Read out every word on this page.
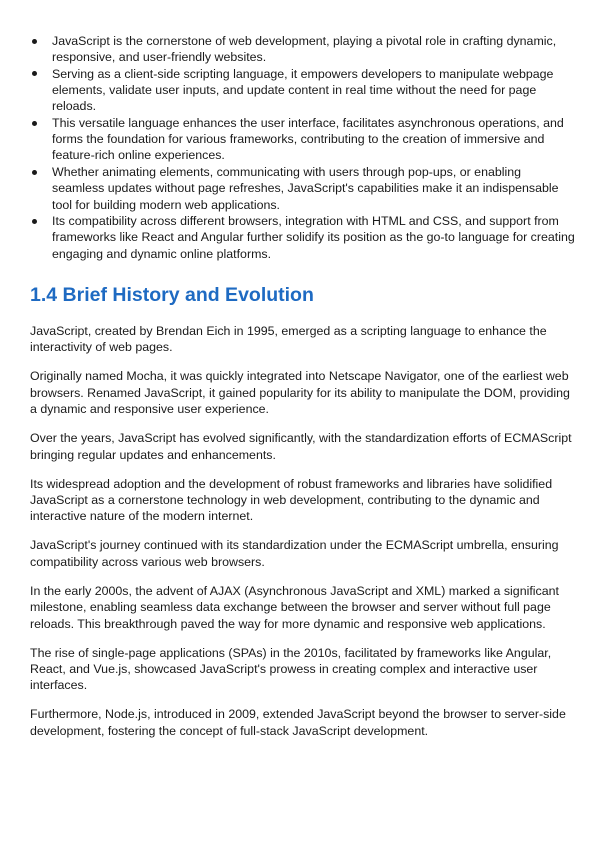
JavaScript is the cornerstone of web development, playing a pivotal role in crafting dynamic, responsive, and user-friendly websites.
Serving as a client-side scripting language, it empowers developers to manipulate webpage elements, validate user inputs, and update content in real time without the need for page reloads.
This versatile language enhances the user interface, facilitates asynchronous operations, and forms the foundation for various frameworks, contributing to the creation of immersive and feature-rich online experiences.
Whether animating elements, communicating with users through pop-ups, or enabling seamless updates without page refreshes, JavaScript's capabilities make it an indispensable tool for building modern web applications.
Its compatibility across different browsers, integration with HTML and CSS, and support from frameworks like React and Angular further solidify its position as the go-to language for creating engaging and dynamic online platforms.
1.4 Brief History and Evolution

JavaScript, created by Brendan Eich in 1995, emerged as a scripting language to enhance the interactivity of web pages.

Originally named Mocha, it was quickly integrated into Netscape Navigator, one of the earliest web browsers. Renamed JavaScript, it gained popularity for its ability to manipulate the DOM, providing a dynamic and responsive user experience.

Over the years, JavaScript has evolved significantly, with the standardization efforts of ECMAScript bringing regular updates and enhancements.

Its widespread adoption and the development of robust frameworks and libraries have solidified JavaScript as a cornerstone technology in web development, contributing to the dynamic and interactive nature of the modern internet.

JavaScript's journey continued with its standardization under the ECMAScript umbrella, ensuring compatibility across various web browsers.

In the early 2000s, the advent of AJAX (Asynchronous JavaScript and XML) marked a significant milestone, enabling seamless data exchange between the browser and server without full page reloads. This breakthrough paved the way for more dynamic and responsive web applications.

The rise of single-page applications (SPAs) in the 2010s, facilitated by frameworks like Angular, React, and Vue.js, showcased JavaScript's prowess in creating complex and interactive user interfaces.

Furthermore, Node.js, introduced in 2009, extended JavaScript beyond the browser to server-side development, fostering the concept of full-stack JavaScript development.
